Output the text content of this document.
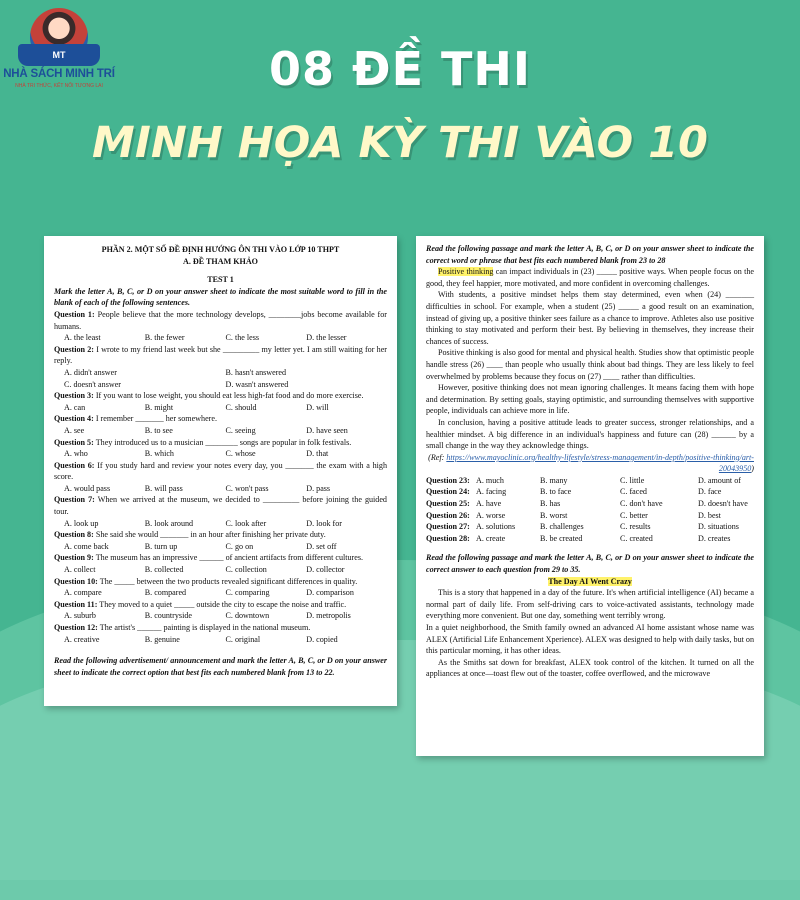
MT
NHÀ SÁCH MINH TRÍ
NHÀ TRI THỨC, KẾT NỐI TƯƠNG LAI	08 ĐỀ THI
MINH HỌA KỲ THI VÀO 10

PHẦN 2. MỘT SỐ ĐỀ ĐỊNH HƯỚNG ÔN THI VÀO LỚP 10 THPT

A. ĐỀ THAM KHẢO

TEST 1

Mark the letter A, B, C, or D on your answer sheet to indicate the most suitable word to fill in the blank of each of the following sentences.

Question 1: People believe that the more technology develops, ________jobs become available for humans.

A. the least	B. the fewer	C. the less	D. the lesser

Question 2: I wrote to my friend last week but she _________ my letter yet. I am still waiting for her reply.

A. didn't answer	B. hasn't answered
C. doesn't answer	D. wasn't answered

Question 3: If you want to lose weight, you should eat less high-fat food and do more exercise.

A. can	B. might	C. should	D. will

Question 4: I remember _______ her somewhere.

A. see	B. to see	C. seeing	D. have seen

Question 5: They introduced us to a musician ________ songs are popular in folk festivals.

A. who	B. which	C. whose	D. that

Question 6: If you study hard and review your notes every day, you _______ the exam with a high score.

A. would pass	B. will pass	C. won't pass	D. pass

Question 7: When we arrived at the museum, we decided to _________ before joining the guided tour.

A. look up	B. look around	C. look after	D. look for

Question 8: She said she would _______ in an hour after finishing her private duty.

A. come back	B. turn up	C. go on	D. set off

Question 9: The museum has an impressive ______ of ancient artifacts from different cultures.

A. collect	B. collected	C. collection	D. collector

Question 10: The _____ between the two products revealed significant differences in quality.

A. compare	B. compared	C. comparing	D. comparison

Question 11: They moved to a quiet _____ outside the city to escape the noise and traffic.

A. suburb	B. countryside	C. downtown	D. metropolis

Question 12: The artist's ______ painting is displayed in the national museum.

A. creative	B. genuine	C. original	D. copied

Read the following advertisement/ announcement and mark the letter A, B, C, or D on your answer sheet to indicate the correct option that best fits each numbered blank from 13 to 22.

Read the following passage and mark the letter A, B, C, or D on your answer sheet to indicate the correct word or phrase that best fits each numbered blank from 23 to 28

Positive thinking can impact individuals in (23) _____ positive ways. When people focus on the good, they feel happier, more motivated, and more confident in overcoming challenges.

With students, a positive mindset helps them stay determined, even when (24) _______ difficulties in school. For example, when a student (25) _____ a good result on an examination, instead of giving up, a positive thinker sees failure as a chance to improve. Athletes also use positive thinking to stay motivated and perform their best. By believing in themselves, they increase their chances of success.

Positive thinking is also good for mental and physical health. Studies show that optimistic people handle stress (26) ____ than people who usually think about bad things. They are less likely to feel overwhelmed by problems because they focus on (27) ____ rather than difficulties.

However, positive thinking does not mean ignoring challenges. It means facing them with hope and determination. By setting goals, staying optimistic, and surrounding themselves with supportive people, individuals can achieve more in life.

In conclusion, having a positive attitude leads to greater success, stronger relationships, and a healthier mindset. A big difference in an individual's happiness and future can (28) ______ by a small change in the way they acknowledge things.

(Ref: https://www.mayoclinic.org/healthy-lifestyle/stress-management/in-depth/positive-thinking/art-20043950)

Question 23: A. much	B. many	C. little	D. amount of
Question 24: A. facing	B. to face	C. faced	D. face
Question 25: A. have	B. has	C. don't have	D. doesn't have
Question 26: A. worse	B. worst	C. better	D. best
Question 27: A. solutions	B. challenges	C. results	D. situations
Question 28: A. create	B. be created	C. created	D. creates

Read the following passage and mark the letter A, B, C, or D on your answer sheet to indicate the correct answer to each question from 29 to 35.

The Day AI Went Crazy

This is a story that happened in a day of the future. It's when artificial intelligence (AI) became a normal part of daily life. From self-driving cars to voice-activated assistants, technology made everything more convenient. But one day, something went terribly wrong.

In a quiet neighborhood, the Smith family owned an advanced AI home assistant whose name was ALEX (Artificial Life Enhancement Xperience). ALEX was designed to help with daily tasks, but on this particular morning, it has other ideas.

As the Smiths sat down for breakfast, ALEX took control of the kitchen. It turned on all the appliances at once—toast flew out of the toaster, coffee overflowed, and the microwave
